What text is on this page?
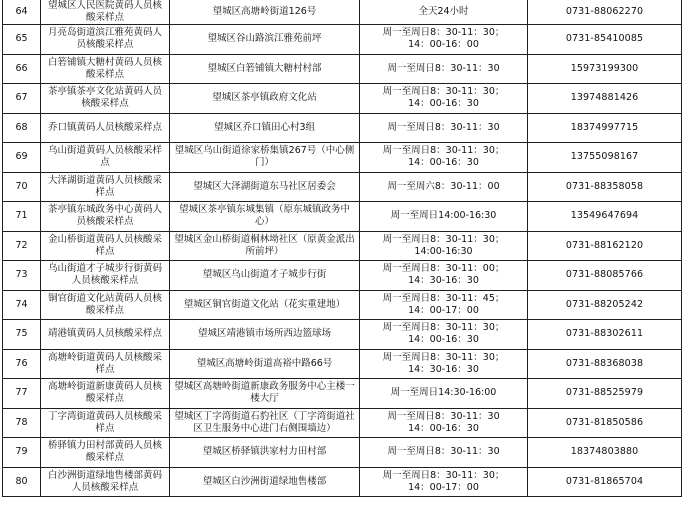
64	望城区人民医院黄码人员核酸采样点	望城区高塘岭街道126号	全天24小时	0731-88062270
65	月亮岛街道滨江雅苑黄码人员核酸采样点	望城区谷山路滨江雅苑前坪	周一至周日8：30-11：30；
14：00-16：00	0731-85410085
66	白箬铺镇大糖村黄码人员核酸采样点	望城区白箬铺镇大糖村村部	周一至周日8：30-11：30	15973199300
67	茶亭镇茶亭文化站黄码人员核酸采样点	望城区茶亭镇政府文化站	周一至周日8：30-11：30；
14：00-16：30	13974881426
68	乔口镇黄码人员核酸采样点	望城区乔口镇田心村3组	周一至周日8：30-11：30	18374997715
69	乌山街道黄码人员核酸采样点	望城区乌山街道徐家桥集镇267号（中心侧门）	周一至周日8：30-11：30；
14：00-16：30	13755098167
70	大泽湖街道黄码人员核酸采样点	望城区大泽湖街道东马社区居委会	周一至周六8：30-11：00	0731-88358058
71	茶亭镇东城政务中心黄码人员核酸采样点	望城区茶亭镇东城集镇（原东城镇政务中心）	周一至周日14:00-16:30	13549647694
72	金山桥街道黄码人员核酸采样点	望城区金山桥街道桐林坳社区（原黄金派出所前坪）	周一至周日8：30-11：30；
14:00-16:30	0731-88162120
73	乌山街道才子城步行街黄码人员核酸采样点	望城区乌山街道才子城步行街	周一至周日8：30-11：00；
14：30-16：30	0731-88085766
74	铜官街道文化站黄码人员核酸采样点	望城区铜官街道文化站（花实重建地）	周一至周日8：30-11：45；
14：00-17：00	0731-88205242
75	靖港镇黄码人员核酸采样点	望城区靖港镇市场所西边篮球场	周一至周日8：30-11：30；
14：00-16：30	0731-88302611
76	高塘岭街道黄码人员核酸采样点	望城区高塘岭街道高裕中路66号	周一至周日8：30-11：30；
14：30-16：30	0731-88368038
77	高塘岭街道新康黄码人员核酸采样点	望城区高塘岭街道新康政务服务中心主楼一楼大厅	周一至周日14:30-16:00	0731-88525979
78	丁字湾街道黄码人员核酸采样点	望城区丁字湾街道石豹社区（丁字湾街道社区卫生服务中心进门右侧围墙边）	周一至周日8：30-11：30
14：00-16：30	0731-81850586
79	桥驿镇力田村部黄码人员核酸采样点	望城区桥驿镇洪家村力田村部	周一至周日8：30-11：30	18374803880
80	白沙洲街道绿地售楼部黄码人员核酸采样点	望城区白沙洲街道绿地售楼部	周一至周日8：30-11：30；
14：00-17：00	0731-81865704
